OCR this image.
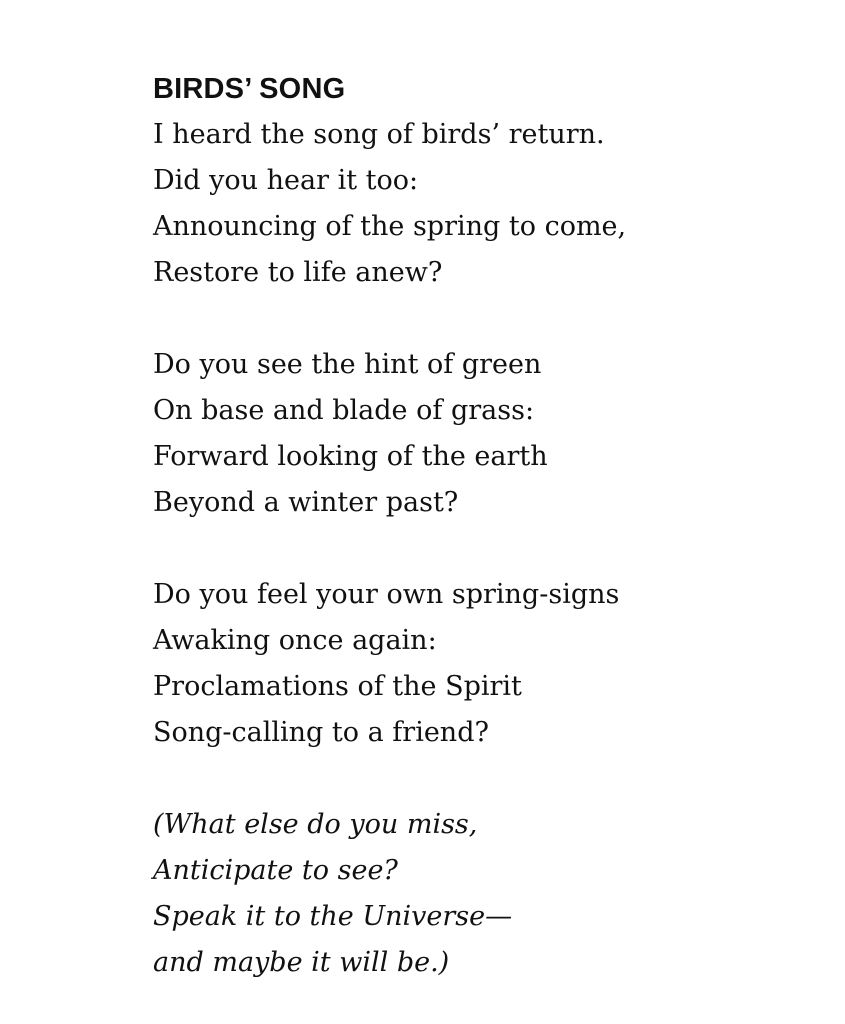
BIRDS’ SONG
I heard the song of birds’ return.
Did you hear it too:
Announcing of the spring to come,
Restore to life anew?
Do you see the hint of green
On base and blade of grass:
Forward looking of the earth
Beyond a winter past?
Do you feel your own spring-signs
Awaking once again:
Proclamations of the Spirit
Song-calling to a friend?
(What else do you miss,
Anticipate to see?
Speak it to the Universe—
and maybe it will be.)
